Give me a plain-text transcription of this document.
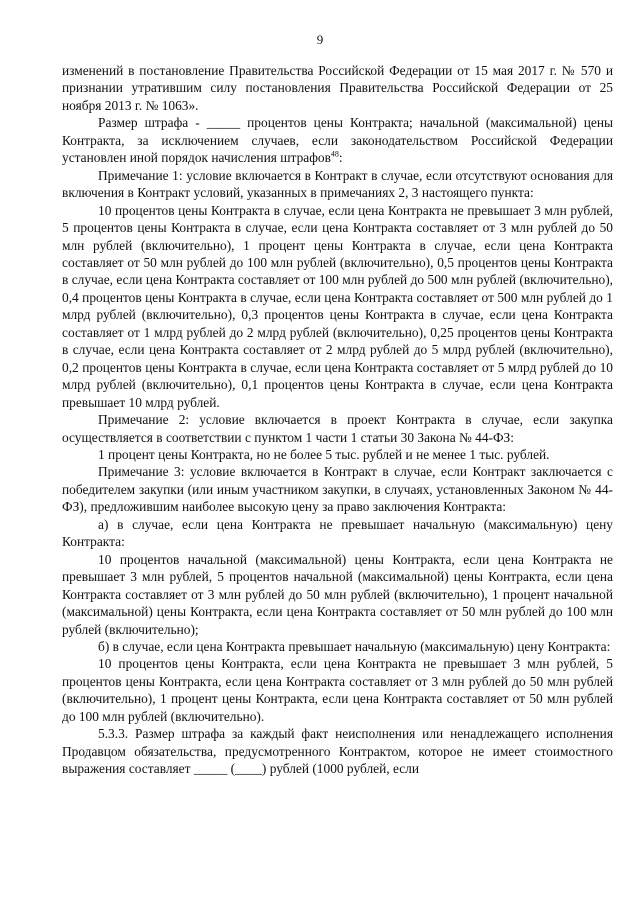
9

изменений в постановление Правительства Российской Федерации от 15 мая 2017 г. № 570 и признании утратившим силу постановления Правительства Российской Федерации от 25 ноября 2013 г. № 1063».

Размер штрафа - _____ процентов цены Контракта; начальной (максимальной) цены Контракта, за исключением случаев, если законодательством Российской Федерации установлен иной порядок начисления штрафов$^{48}$:

Примечание 1: условие включается в Контракт в случае, если отсутствуют основания для включения в Контракт условий, указанных в примечаниях 2, 3 настоящего пункта:

10 процентов цены Контракта в случае, если цена Контракта не превышает 3 млн рублей, 5 процентов цены Контракта в случае, если цена Контракта составляет от 3 млн рублей до 50 млн рублей (включительно), 1 процент цены Контракта в случае, если цена Контракта составляет от 50 млн рублей до 100 млн рублей (включительно), 0,5 процентов цены Контракта в случае, если цена Контракта составляет от 100 млн рублей до 500 млн рублей (включительно), 0,4 процентов цены Контракта в случае, если цена Контракта составляет от 500 млн рублей до 1 млрд рублей (включительно), 0,3 процентов цены Контракта в случае, если цена Контракта составляет от 1 млрд рублей до 2 млрд рублей (включительно), 0,25 процентов цены Контракта в случае, если цена Контракта составляет от 2 млрд рублей до 5 млрд рублей (включительно), 0,2 процентов цены Контракта в случае, если цена Контракта составляет от 5 млрд рублей до 10 млрд рублей (включительно), 0,1 процентов цены Контракта в случае, если цена Контракта превышает 10 млрд рублей.

Примечание 2: условие включается в проект Контракта в случае, если закупка осуществляется в соответствии с пунктом 1 части 1 статьи 30 Закона № 44-ФЗ:

1 процент цены Контракта, но не более 5 тыс. рублей и не менее 1 тыс. рублей.

Примечание 3: условие включается в Контракт в случае, если Контракт заключается с победителем закупки (или иным участником закупки, в случаях, установленных Законом № 44-ФЗ), предложившим наиболее высокую цену за право заключения Контракта:

а) в случае, если цена Контракта не превышает начальную (максимальную) цену Контракта:

10 процентов начальной (максимальной) цены Контракта, если цена Контракта не превышает 3 млн рублей, 5 процентов начальной (максимальной) цены Контракта, если цена Контракта составляет от 3 млн рублей до 50 млн рублей (включительно), 1 процент начальной (максимальной) цены Контракта, если цена Контракта составляет от 50 млн рублей до 100 млн рублей (включительно);

б) в случае, если цена Контракта превышает начальную (максимальную) цену Контракта:

10 процентов цены Контракта, если цена Контракта не превышает 3 млн рублей, 5 процентов цены Контракта, если цена Контракта составляет от 3 млн рублей до 50 млн рублей (включительно), 1 процент цены Контракта, если цена Контракта составляет от 50 млн рублей до 100 млн рублей (включительно).

5.3.3. Размер штрафа за каждый факт неисполнения или ненадлежащего исполнения Продавцом обязательства, предусмотренного Контрактом, которое не имеет стоимостного выражения составляет _____ (____) рублей (1000 рублей, если
